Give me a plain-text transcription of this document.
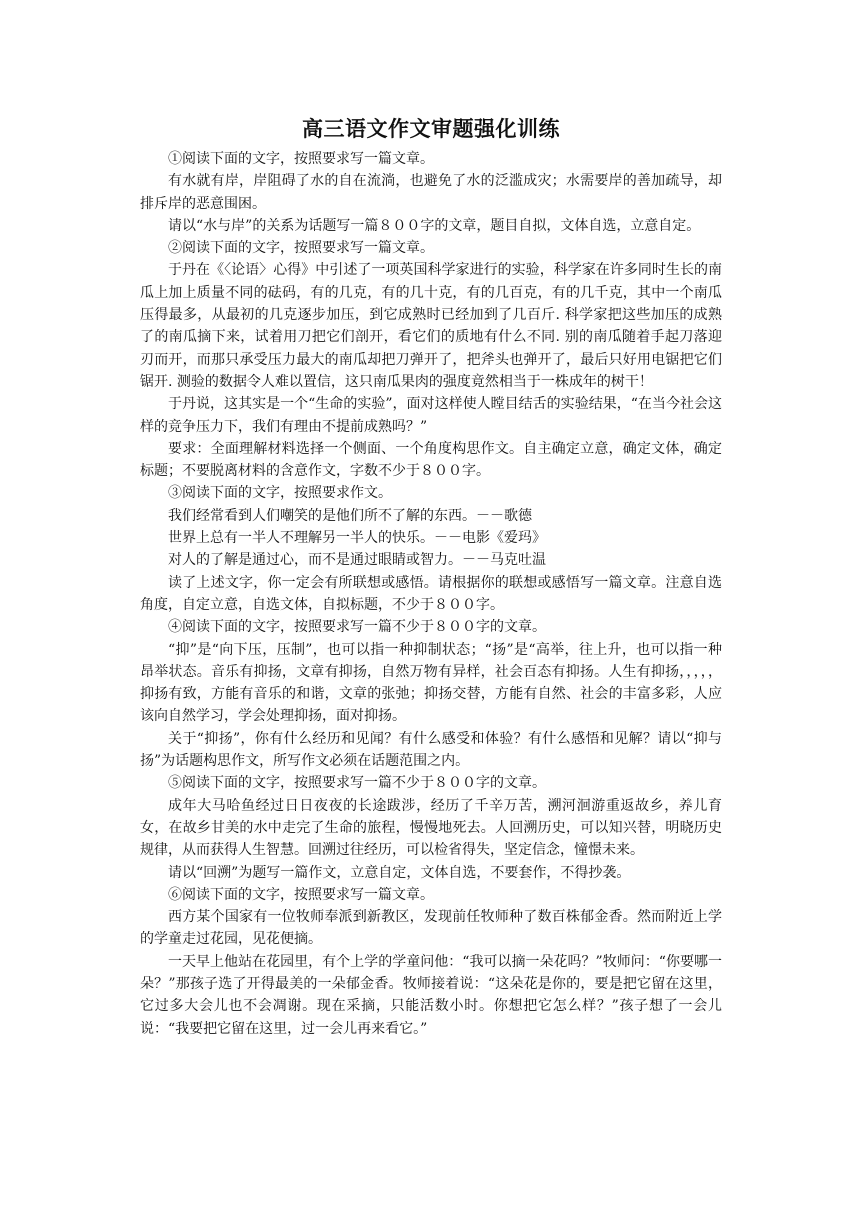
高三语文作文审题强化训练

①阅读下面的文字，按照要求写一篇文章。

有水就有岸，岸阻碍了水的自在流淌，也避免了水的泛滥成灾；水需要岸的善加疏导，却排斥岸的恶意围困。

请以“水与岸”的关系为话题写一篇８００字的文章，题目自拟，文体自选，立意自定。

②阅读下面的文字，按照要求写一篇文章。

于丹在《〈论语〉心得》中引述了一项英国科学家进行的实验，科学家在许多同时生长的南瓜上加上质量不同的砝码，有的几克，有的几十克，有的几百克，有的几千克，其中一个南瓜压得最多，从最初的几克逐步加压，到它成熟时已经加到了几百斤. 科学家把这些加压的成熟了的南瓜摘下来，试着用刀把它们剖开，看它们的质地有什么不同. 别的南瓜随着手起刀落迎刃而开，而那只承受压力最大的南瓜却把刀弹开了，把斧头也弹开了，最后只好用电锯把它们锯开. 测验的数据令人难以置信，这只南瓜果肉的强度竟然相当于一株成年的树干！

于丹说，这其实是一个“生命的实验”，面对这样使人瞠目结舌的实验结果，“在当今社会这样的竞争压力下，我们有理由不提前成熟吗？”

要求：全面理解材料选择一个侧面、一个角度构思作文。自主确定立意，确定文体，确定标题；不要脱离材料的含意作文，字数不少于８００字。

③阅读下面的文字，按照要求作文。

我们经常看到人们嘲笑的是他们所不了解的东西。－－歌德

世界上总有一半人不理解另一半人的快乐。－－电影《爱玛》

对人的了解是通过心，而不是通过眼睛或智力。－－马克吐温

读了上述文字，你一定会有所联想或感悟。请根据你的联想或感悟写一篇文章。注意自选角度，自定立意，自选文体，自拟标题，不少于８００字。

④阅读下面的文字，按照要求写一篇不少于８００字的文章。

“抑”是“向下压，压制”，也可以指一种抑制状态；“扬”是“高举，往上升，也可以指一种昂举状态。音乐有抑扬，文章有抑扬，自然万物有异样，社会百态有抑扬。人生有抑扬，，，，，抑扬有致，方能有音乐的和谐，文章的张弛；抑扬交替，方能有自然、社会的丰富多彩，人应该向自然学习，学会处理抑扬，面对抑扬。

关于“抑扬”，你有什么经历和见闻？有什么感受和体验？有什么感悟和见解？请以“抑与扬”为话题构思作文，所写作文必须在话题范围之内。

⑤阅读下面的文字，按照要求写一篇不少于８００字的文章。

成年大马哈鱼经过日日夜夜的长途跋涉，经历了千辛万苦，溯河洄游重返故乡，养儿育女，在故乡甘美的水中走完了生命的旅程，慢慢地死去。人回溯历史，可以知兴替，明晓历史规律，从而获得人生智慧。回溯过往经历，可以检省得失，坚定信念，憧憬未来。

请以“回溯”为题写一篇作文，立意自定，文体自选，不要套作，不得抄袭。

⑥阅读下面的文字，按照要求写一篇文章。

西方某个国家有一位牧师奉派到新教区，发现前任牧师种了数百株郁金香。然而附近上学的学童走过花园，见花便摘。

一天早上他站在花园里，有个上学的学童问他：“我可以摘一朵花吗？”牧师问：“你要哪一朵？”那孩子选了开得最美的一朵郁金香。牧师接着说：“这朵花是你的，要是把它留在这里，它过多大会儿也不会凋谢。现在采摘，只能活数小时。你想把它怎么样？”孩子想了一会儿说：“我要把它留在这里，过一会儿再来看它。”
